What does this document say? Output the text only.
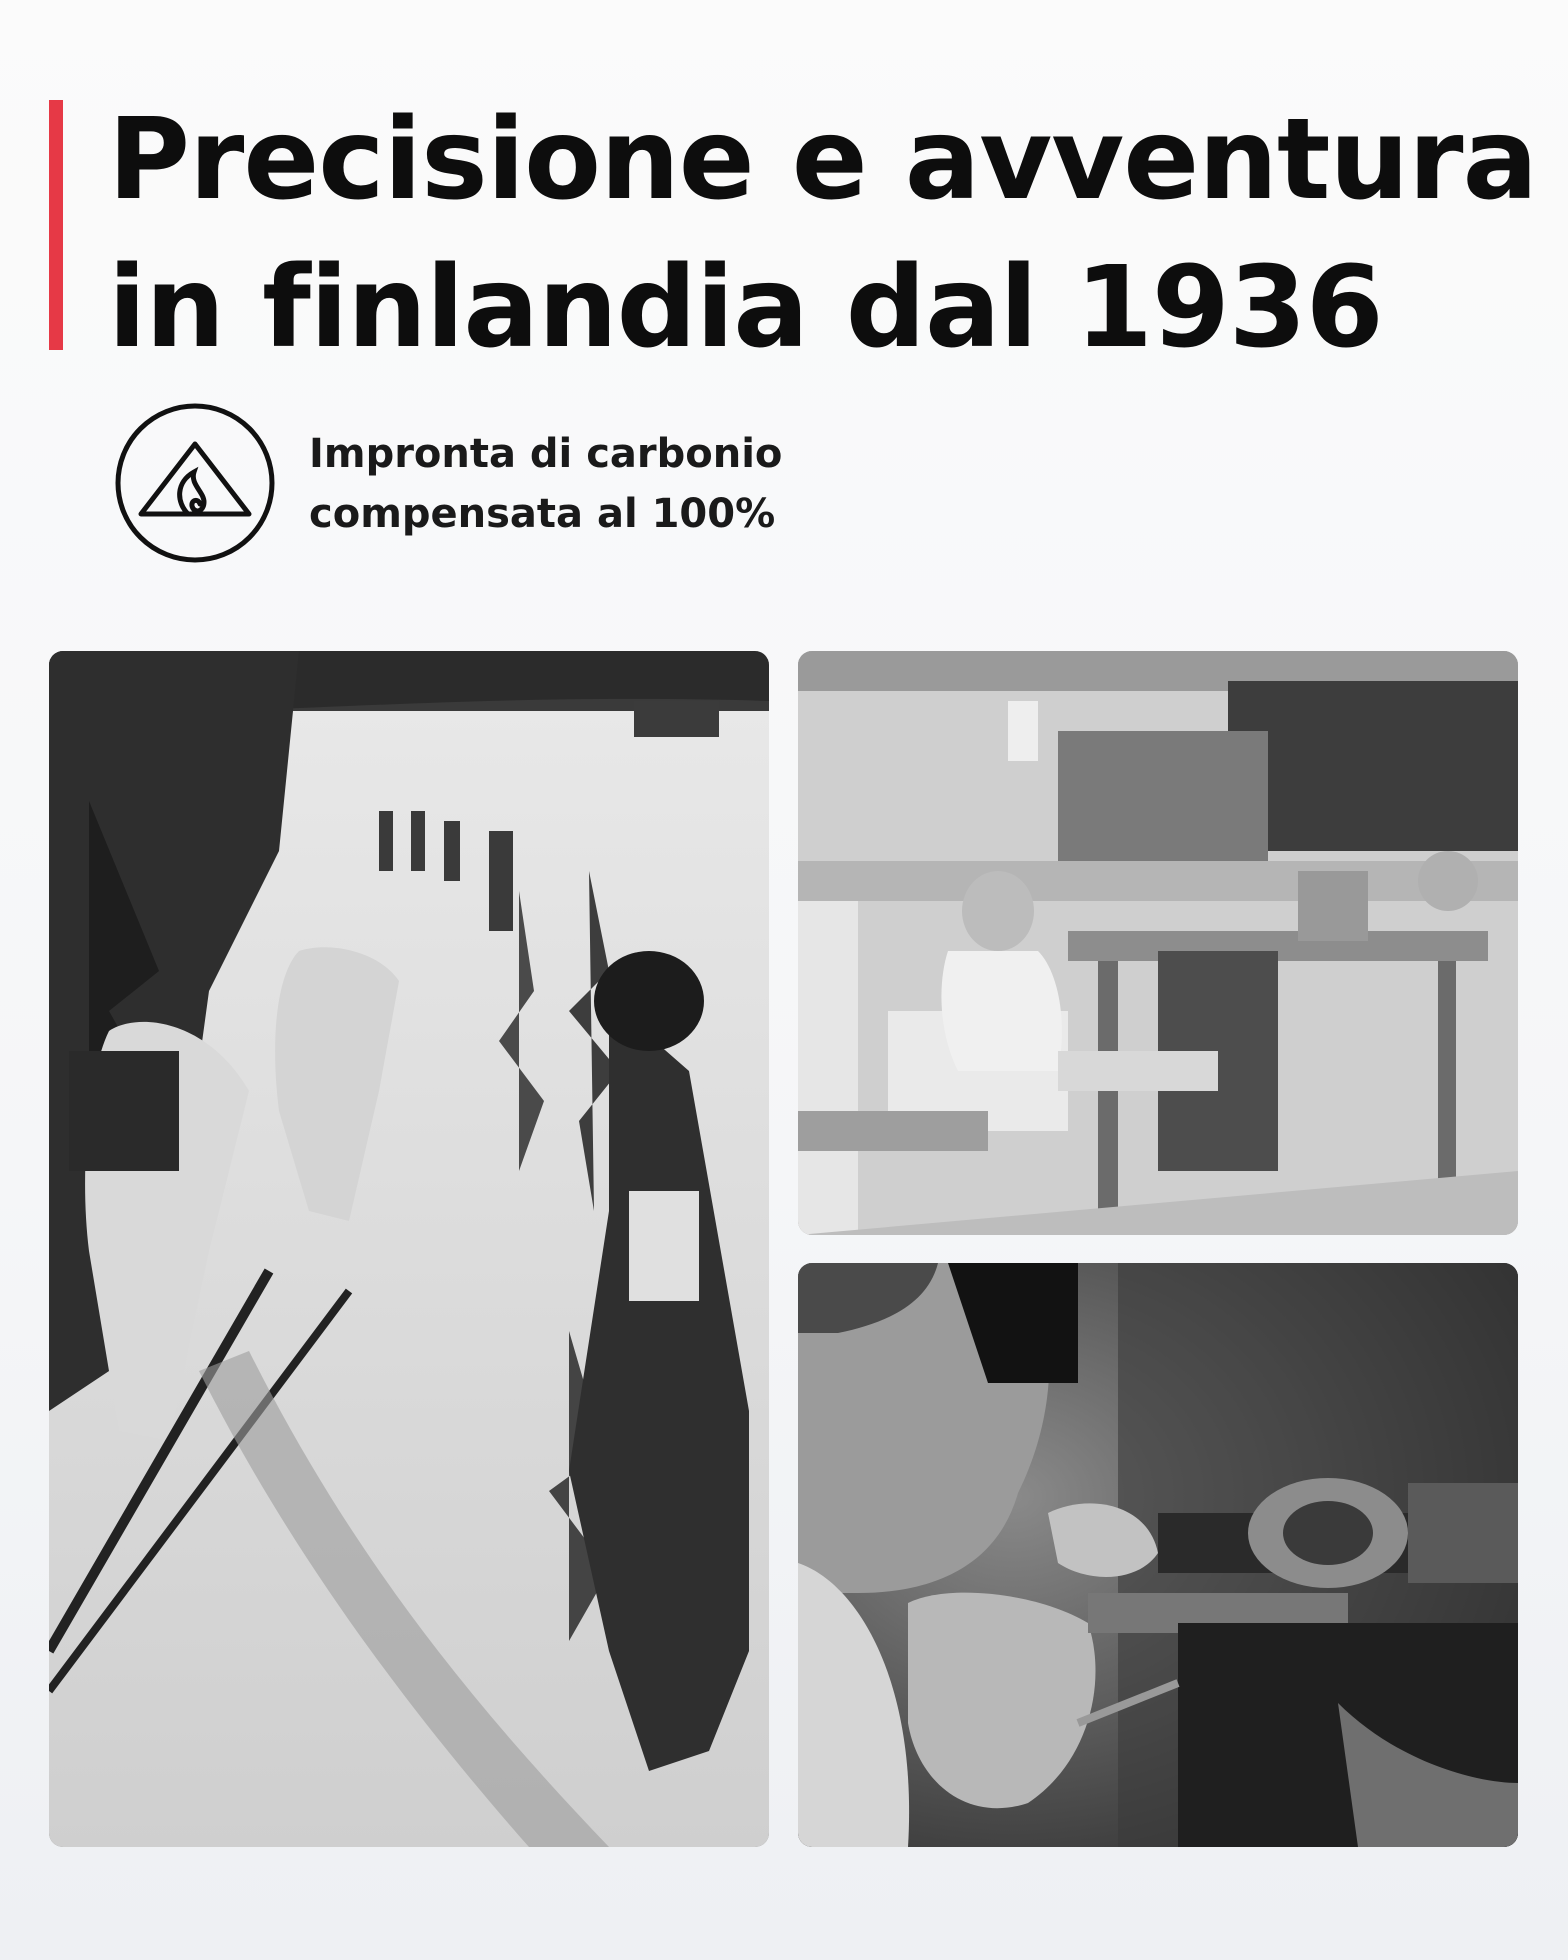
Precisione e avventura
in finlandia dal 1936
Impronta di carbonio
compensata al 100%
